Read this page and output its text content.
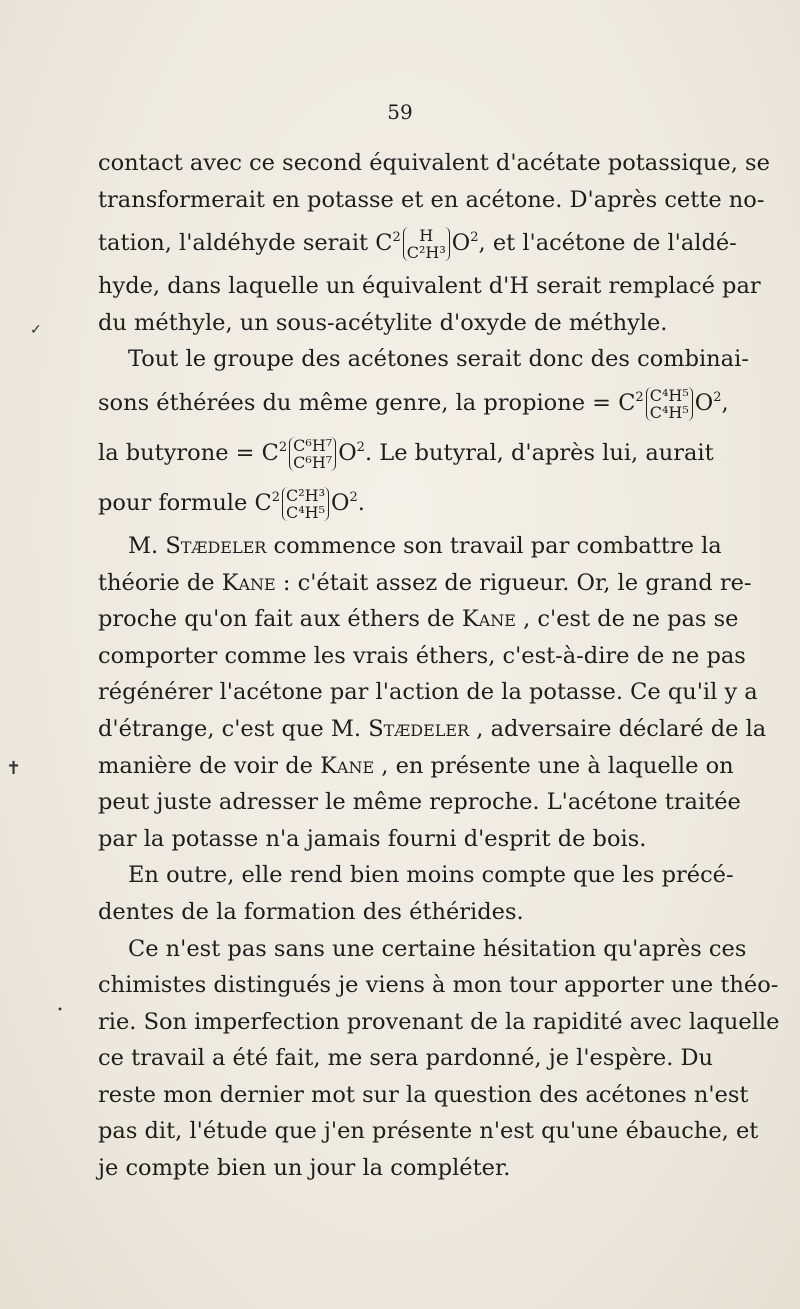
59
contact avec ce second équivalent d'acétate potassique, se
transformerait en potasse et en acétone. D'après cette no-
tation, l'aldéhyde serait $C^2$	H
C²H³ $O^2$, et l'acétone de l'aldé-
hyde, dans laquelle un équivalent d'H serait remplacé par
du méthyle, un sous-acétylite d'oxyde de méthyle.
Tout le groupe des acétones serait donc des combinai-
sons éthérées du même genre, la propione = $C^2$ C⁴H⁵
C⁴H⁵ $O^2$,
la butyrone = $C^2$ C⁶H⁷
C⁶H⁷ $O^2$. Le butyral, d'après lui, aurait
pour formule $C^2$ C²H³
C⁴H⁵ $O^2$.
M. Stædeler commence son travail par combattre la
théorie de Kane : c'était assez de rigueur. Or, le grand re-
proche qu'on fait aux éthers de Kane , c'est de ne pas se
comporter comme les vrais éthers, c'est-à-dire de ne pas
régénérer l'acétone par l'action de la potasse. Ce qu'il y a
d'étrange, c'est que M. Stædeler , adversaire déclaré de la
manière de voir de Kane , en présente une à laquelle on
peut juste adresser le même reproche. L'acétone traitée
par la potasse n'a jamais fourni d'esprit de bois.
En outre, elle rend bien moins compte que les précé-
dentes de la formation des éthérides.
Ce n'est pas sans une certaine hésitation qu'après ces
chimistes distingués je viens à mon tour apporter une théo-
rie. Son imperfection provenant de la rapidité avec laquelle
ce travail a été fait, me sera pardonné, je l'espère. Du
reste mon dernier mot sur la question des acétones n'est
pas dit, l'étude que j'en présente n'est qu'une ébauche, et
je compte bien un jour la compléter.
✓
✝
•
